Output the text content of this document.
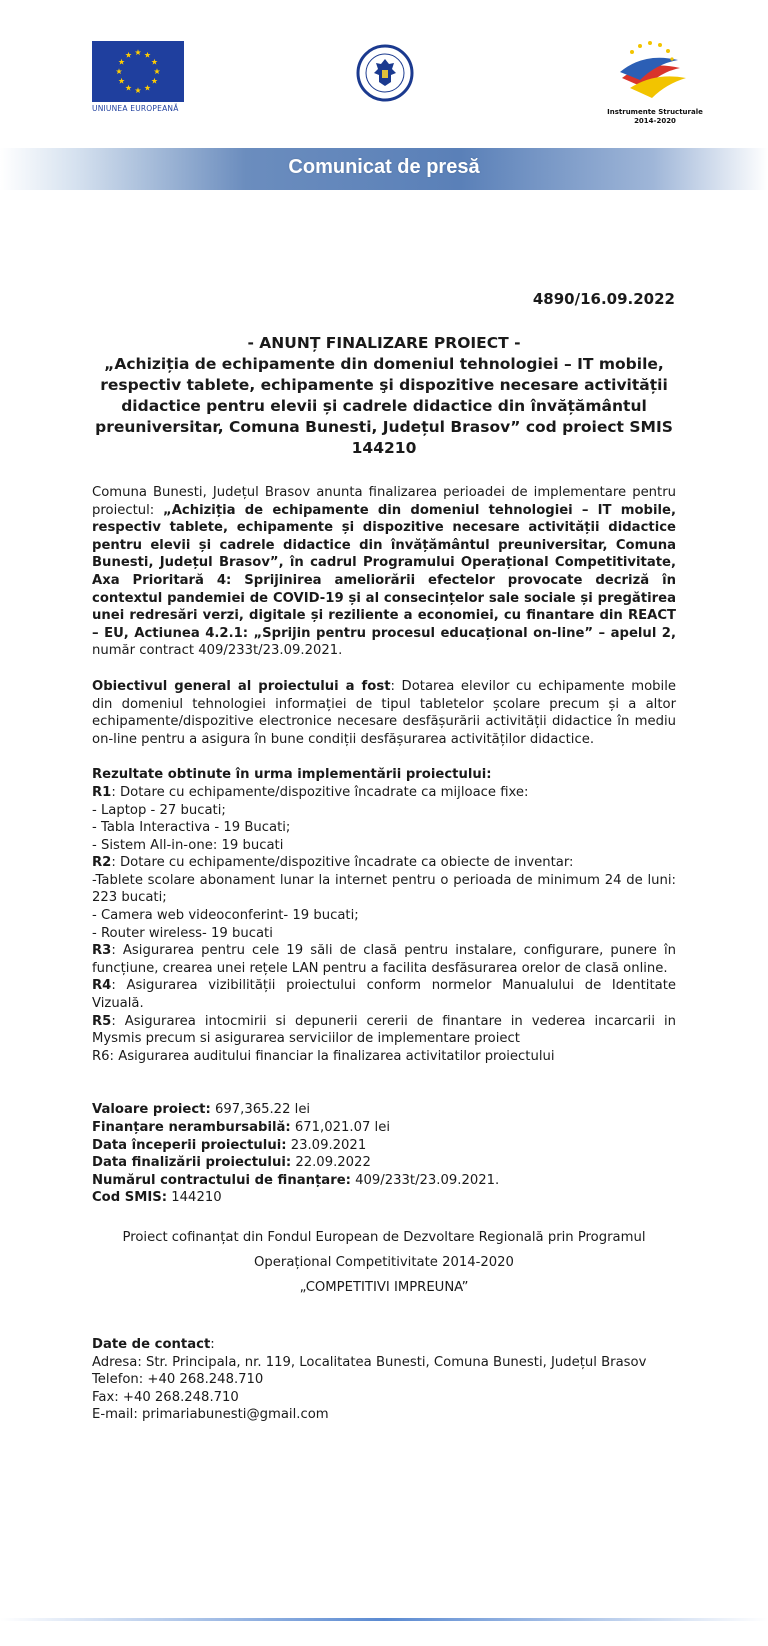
UNIUNEA EUROPEANĂ	Instrumente Structurale
2014-2020
Comunicat de presă
4890/16.09.2022
- ANUNȚ FINALIZARE PROIECT -
„Achiziția de echipamente din domeniul tehnologiei – IT mobile,
respectiv tablete, echipamente şi dispozitive necesare activității
didactice pentru elevii și cadrele didactice din învățământul
preuniversitar, Comuna Bunesti, Județul Brasov” cod proiect SMIS
144210
Comuna Bunesti, Județul Brasov anunta finalizarea perioadei de implementare pentru proiectul: „Achiziția de echipamente din domeniul tehnologiei – IT mobile, respectiv tablete, echipamente și dispozitive necesare activității didactice pentru elevii și cadrele didactice din învățământul preuniversitar, Comuna Bunesti, Județul Brasov”, în cadrul Programului Operațional Competitivitate, Axa Prioritară 4: Sprijinirea ameliorării efectelor provocate decriză în contextul pandemiei de COVID-19 și al consecințelor sale sociale și pregătirea unei redresări verzi, digitale și reziliente a economiei, cu finantare din REACT – EU, Actiunea 4.2.1: „Sprijin pentru procesul educațional on-line” – apelul 2, număr contract 409/233t/23.09.2021.
Obiectivul general al proiectului a fost: Dotarea elevilor cu echipamente mobile din domeniul tehnologiei informației de tipul tabletelor școlare precum și a altor echipamente/dispozitive electronice necesare desfășurării activității didactice în mediu on-line pentru a asigura în bune condiții desfășurarea activităților didactice.
Rezultate obtinute în urma implementării proiectului:
R1: Dotare cu echipamente/dispozitive încadrate ca mijloace fixe:
- Laptop - 27 bucati;
- Tabla Interactiva - 19 Bucati;
- Sistem All-in-one: 19 bucati
R2: Dotare cu echipamente/dispozitive încadrate ca obiecte de inventar:
-Tablete scolare abonament lunar la internet pentru o perioada de minimum 24 de luni: 223 bucati;
- Camera web videoconferint- 19 bucati;
- Router wireless- 19 bucati
R3: Asigurarea pentru cele 19 săli de clasă pentru instalare, configurare, punere în funcțiune, crearea unei rețele LAN pentru a facilita desfăsurarea orelor de clasă online.
R4: Asigurarea vizibilității proiectului conform normelor Manualului de Identitate Vizuală.
R5: Asigurarea intocmirii si depunerii cererii de finantare in vederea incarcarii in Mysmis precum si asigurarea serviciilor de implementare proiect
R6: Asigurarea auditului financiar la finalizarea activitatilor proiectului
Valoare proiect: 697,365.22 lei
Finanțare nerambursabilă: 671,021.07 lei
Data începerii proiectului: 23.09.2021
Data finalizării proiectului: 22.09.2022
Numărul contractului de finanțare: 409/233t/23.09.2021.
Cod SMIS: 144210
Proiect cofinanțat din Fondul European de Dezvoltare Regională prin Programul
Operațional Competitivitate 2014-2020
„COMPETITIVI IMPREUNA”
Date de contact:
Adresa: Str. Principala, nr. 119, Localitatea Bunesti, Comuna Bunesti, Județul Brasov
Telefon: +40 268.248.710
Fax: +40 268.248.710
E-mail: primariabunesti@gmail.com
